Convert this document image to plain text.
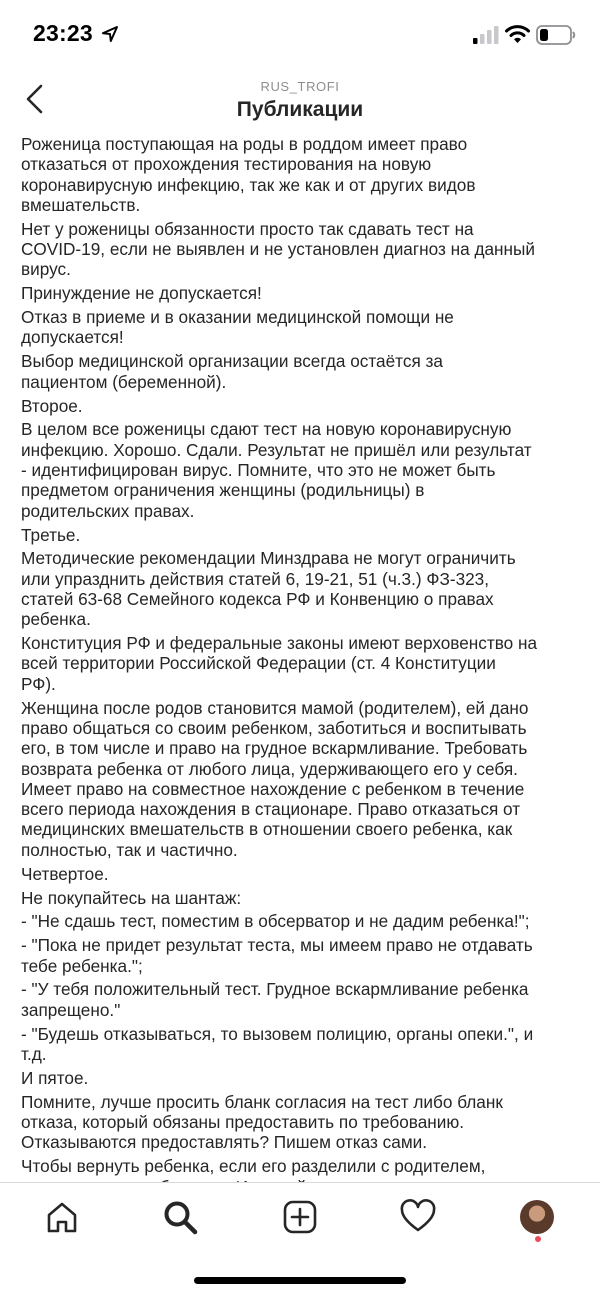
23:23
RUS_TROFI
Публикации

Роженица поступающая на роды в роддом имеет право
отказаться от прохождения тестирования на новую
коронавирусную инфекцию, так же как и от других видов
вмешательств.

Нет у роженицы обязанности просто так сдавать тест на
COVID-19, если не выявлен и не установлен диагноз на данный
вирус.

Принуждение не допускается!

Отказ в приеме и в оказании медицинской помощи не
допускается!

Выбор медицинской организации всегда остаётся за
пациентом (беременной).

Второе.

В целом все роженицы сдают тест на новую коронавирусную
инфекцию. Хорошо. Сдали. Результат не пришёл или результат
- идентифицирован вирус. Помните, что это не может быть
предметом ограничения женщины (родильницы) в
родительских правах.

Третье.

Методические рекомендации Минздрава не могут ограничить
или упразднить действия статей 6, 19-21, 51 (ч.3.) ФЗ-323,
статей 63-68 Семейного кодекса РФ и Конвенцию о правах
ребенка.

Конституция РФ и федеральные законы имеют верховенство на
всей территории Российской Федерации (ст. 4 Конституции
РФ).

Женщина после родов становится мамой (родителем), ей дано
право общаться со своим ребенком, заботиться и воспитывать
его, в том числе и право на грудное вскармливание. Требовать
возврата ребенка от любого лица, удерживающего его у себя.
Имеет право на совместное нахождение с ребенком в течение
всего периода нахождения в стационаре. Право отказаться от
медицинских вмешательств в отношении своего ребенка, как
полностью, так и частично.

Четвертое.

Не покупайтесь на шантаж:

- "Не сдашь тест, поместим в обсерватор и не дадим ребенка!";

- "Пока не придет результат теста, мы имеем право не отдавать
тебе ребенка.";

- "У тебя положительный тест. Грудное вскармливание ребенка
запрещено."

- "Будешь отказываться, то вызовем полицию, органы опеки.", и
т.д.

И пятое.

Помните, лучше просить бланк согласия на тест либо бланк
отказа, который обязаны предоставить по требованию.
Отказываются предоставлять? Пишем отказ сами.

Чтобы вернуть ребенка, если его разделили с родителем,
